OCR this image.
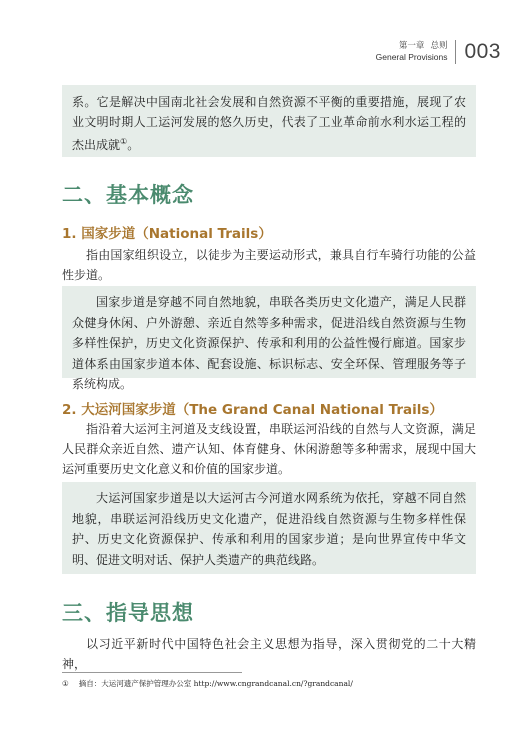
第一章 总则
General Provisions 003

系。它是解决中国南北社会发展和自然资源不平衡的重要措施，展现了农业文明时期人工运河发展的悠久历史，代表了工业革命前水利水运工程的杰出成就①。

二、基本概念
1. 国家步道（National Trails）

指由国家组织设立，以徒步为主要运动形式，兼具自行车骑行功能的公益性步道。

国家步道是穿越不同自然地貌，串联各类历史文化遗产，满足人民群众健身休闲、户外游憩、亲近自然等多种需求，促进沿线自然资源与生物多样性保护，历史文化资源保护、传承和利用的公益性慢行廊道。国家步道体系由国家步道本体、配套设施、标识标志、安全环保、管理服务等子系统构成。

2. 大运河国家步道（The Grand Canal National Trails）

指沿着大运河主河道及支线设置，串联运河沿线的自然与人文资源，满足人民群众亲近自然、遗产认知、体育健身、休闲游憩等多种需求，展现中国大运河重要历史文化意义和价值的国家步道。

大运河国家步道是以大运河古今河道水网系统为依托，穿越不同自然地貌，串联运河沿线历史文化遗产，促进沿线自然资源与生物多样性保护、历史文化资源保护、传承和利用的国家步道；是向世界宣传中华文明、促进文明对话、保护人类遗产的典范线路。

三、指导思想

以习近平新时代中国特色社会主义思想为指导，深入贯彻党的二十大精神，

① 摘自：大运河遗产保护管理办公室 http://www.cngrandcanal.cn/?grandcanal/
